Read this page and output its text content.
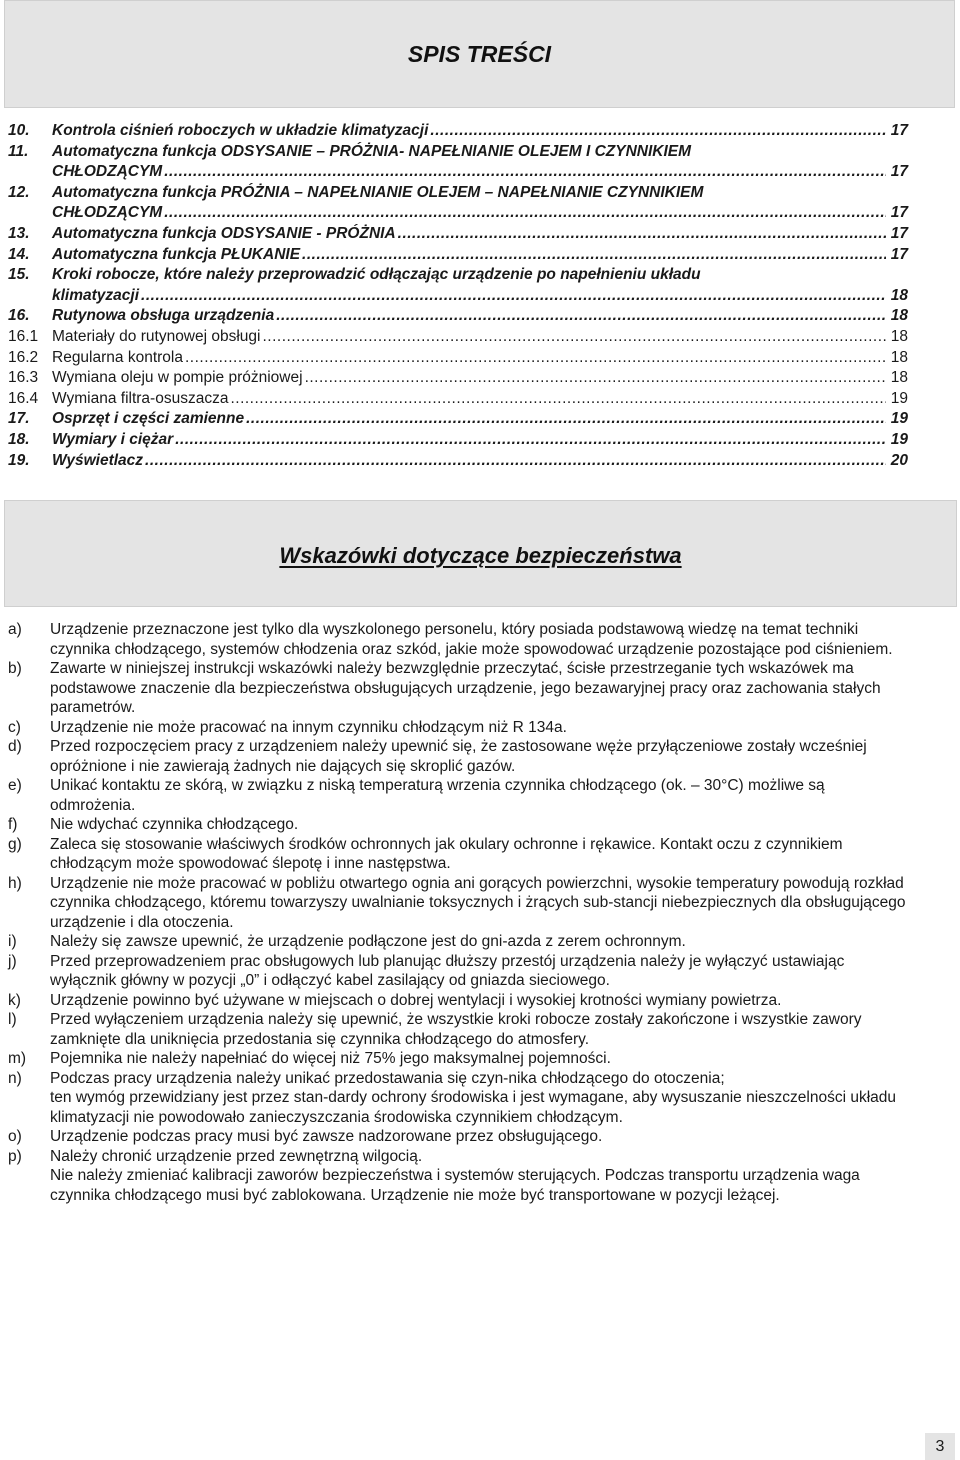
SPIS TREŚCI
10.	Kontrola ciśnień roboczych w układzie klimatyzacji .....	17
11.	Automatyczna funkcja ODSYSANIE – PRÓŻNIA- NAPEŁNIANIE OLEJEM I CZYNNIKIEM
CHŁODZĄCYM .....	17
12.	Automatyczna funkcja PRÓŻNIA – NAPEŁNIANIE OLEJEM – NAPEŁNIANIE CZYNNIKIEM
CHŁODZĄCYM .....	17
13.	Automatyczna funkcja ODSYSANIE - PRÓŻNIA .....	17
14.	Automatyczna funkcja PŁUKANIE .....	17
15.	Kroki robocze, które należy przeprowadzić odłączając urządzenie po napełnieniu układu
klimatyzacji .....	18
16.	Rutynowa obsługa urządzenia .....	18
16.1 Materiały do rutynowej obsługi .....	18
16.2 Regularna kontrola .....	18
16.3 Wymiana oleju w pompie próżniowej .....	18
16.4 Wymiana filtra-osuszacza .....	19
17.	Osprzęt i części zamienne .....	19
18.	Wymiary i ciężar .....	19
19.	Wyświetlacz .....	20
Wskazówki dotyczące bezpieczeństwa
a)	Urządzenie przeznaczone jest tylko dla wyszkolonego personelu, który posiada podstawową wiedzę na temat techniki czynnika chłodzącego, systemów chłodzenia oraz szkód, jakie może spowodować urządzenie pozostające pod ciśnieniem.

b)	Zawarte w niniejszej instrukcji wskazówki należy bezwzględnie przeczytać, ścisłe przestrzeganie tych wskazówek ma podstawowe znaczenie dla bezpieczeństwa obsługujących urządzenie, jego bezawaryjnej pracy oraz zachowania stałych parametrów.

c)	Urządzenie nie może pracować na innym czynniku chłodzącym niż R 134a.

d)	Przed rozpoczęciem pracy z urządzeniem należy upewnić się, że zastosowane węże przyłączeniowe zostały wcześniej opróżnione i nie zawierają żadnych nie dających się skroplić gazów.

e)	Unikać kontaktu ze skórą, w związku z niską temperaturą wrzenia czynnika chłodzącego (ok. – 30°C) możliwe są odmrożenia.

f)	Nie wdychać czynnika chłodzącego.

g)	Zaleca się stosowanie właściwych środków ochronnych jak okulary ochronne i rękawice. Kontakt oczu z czynnikiem chłodzącym może spowodować ślepotę i inne następstwa.

h)	Urządzenie nie może pracować w pobliżu otwartego ognia ani gorących powierzchni, wysokie temperatury powodują rozkład czynnika chłodzącego, któremu towarzyszy uwalnianie toksycznych i żrących sub-stancji niebezpiecznych dla obsługującego urządzenie i dla otoczenia.

i)	Należy się zawsze upewnić, że urządzenie podłączone jest do gni-azda z zerem ochronnym.

j)	Przed przeprowadzeniem prac obsługowych lub planując dłuższy przestój urządzenia należy je wyłączyć ustawiając wyłącznik główny w pozycji „0” i odłączyć kabel zasilający od gniazda sieciowego.

k)	Urządzenie powinno być używane w miejscach o dobrej wentylacji i wysokiej krotności wymiany powietrza.

l)	Przed wyłączeniem urządzenia należy się upewnić, że wszystkie kroki robocze zostały zakończone i wszystkie zawory zamknięte dla uniknięcia przedostania się czynnika chłodzącego do atmosfery.

m)	Pojemnika nie należy napełniać do więcej niż 75% jego maksymalnej pojemności.

n)	Podczas pracy urządzenia należy unikać przedostawania się czyn-nika chłodzącego do otoczenia;

ten wymóg przewidziany jest przez stan-dardy ochrony środowiska i jest wymagane, aby wysuszanie nieszczelności układu klimatyzacji nie powodowało zanieczyszczania środowiska czynnikiem chłodzącym.

o)	Urządzenie podczas pracy musi być zawsze nadzorowane przez obsługującego.

p)	Należy chronić urządzenie przed zewnętrzną wilgocią.

Nie należy zmieniać kalibracji zaworów bezpieczeństwa i systemów sterujących. Podczas transportu urządzenia waga czynnika chłodzącego musi być zablokowana. Urządzenie nie może być transportowane w pozycji leżącej.

3
